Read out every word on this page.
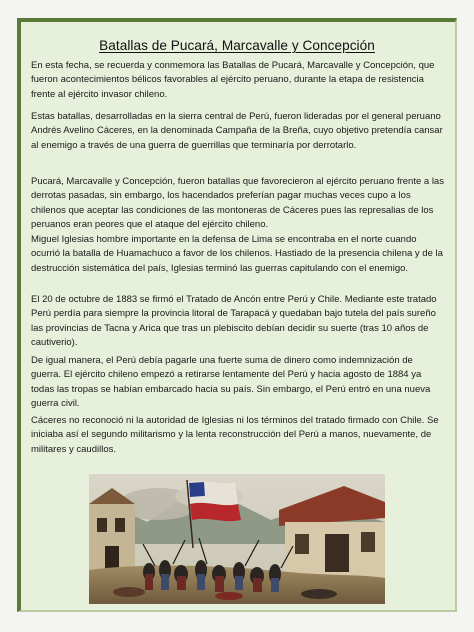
Batallas de Pucará, Marcavalle y Concepción

En esta fecha, se recuerda y conmemora las Batallas de Pucará, Marcavalle y Concepción, que fueron acontecimientos bélicos favorables al ejército peruano, durante la etapa de resistencia frente al ejército invasor chileno.

Estas batallas, desarrolladas en la sierra central de Perú, fueron lideradas por el general peruano Andrés Avelino Cáceres, en la denominada Campaña de la Breña, cuyo objetivo pretendía cansar al enemigo a través de una guerra de guerrillas que terminaría por derrotarlo.

Pucará, Marcavalle y Concepción, fueron batallas que favorecieron al ejército peruano frente a las derrotas pasadas, sin embargo, los hacendados preferían pagar muchas veces cupo a los chilenos que aceptar las condiciones de las montoneras de Cáceres pues las represalias de los peruanos eran peores que el ataque del ejército chileno.

Miguel Iglesias hombre importante en la defensa de Lima se encontraba en el norte cuando ocurrió la batalla de Huamachuco a favor de los chilenos. Hastiado de la presencia chilena y de la destrucción sistemática del país, Iglesias terminó las guerras capitulando con el enemigo.

El 20 de octubre de 1883 se firmó el Tratado de Ancón entre Perú y Chile. Mediante este tratado Perú perdía para siempre la provincia litoral de Tarapacá y quedaban bajo tutela del país sureño las provincias de Tacna y Arica que tras un plebiscito debían decidir su suerte (tras 10 años de cautiverio).

De igual manera, el Perú debía pagarle una fuerte suma de dinero como indemnización de guerra. El ejército chileno empezó a retirarse lentamente del Perú y hacia agosto de 1884 ya todas las tropas se habían embarcado hacia su país. Sin embargo, el Perú entró en una nueva guerra civil.

Cáceres no reconoció ni la autoridad de Iglesias ni los términos del tratado firmado con Chile. Se iniciaba así el segundo militarismo y la lenta reconstrucción del Perú a manos, nuevamente, de militares y caudillos.
